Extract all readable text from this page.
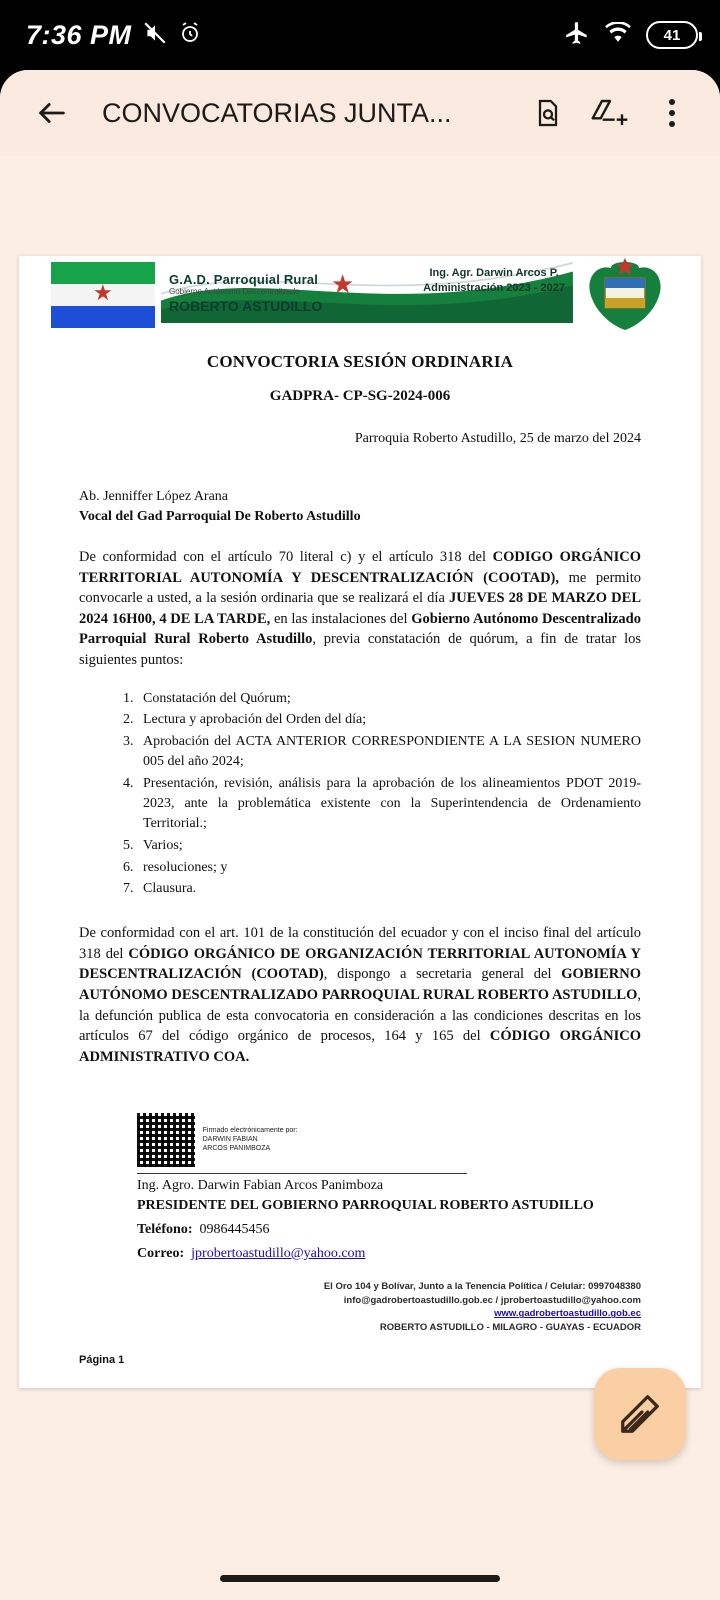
7:36 PM	41
CONVOCATORIAS JUNTA...
★	★
G.A.D. Parroquial Rural
Gobierno Autónomo Descentralizado
ROBERTO ASTUDILLO
Ing. Agr. Darwin Arcos P.
Administración 2023 - 2027
CONVOCTORIA SESIÓN ORDINARIA
GADPRA- CP-SG-2024-006
Parroquia Roberto Astudillo, 25 de marzo del 2024
Ab. Jenniffer López Arana
Vocal del Gad Parroquial De Roberto Astudillo

De conformidad con el artículo 70 literal c) y el artículo 318 del CODIGO ORGÁNICO TERRITORIAL AUTONOMÍA Y DESCENTRALIZACIÓN (COOTAD), me permito convocarle a usted, a la sesión ordinaria que se realizará el día JUEVES 28 DE MARZO DEL 2024 16H00, 4 DE LA TARDE, en las instalaciones del Gobierno Autónomo Descentralizado Parroquial Rural Roberto Astudillo, previa constatación de quórum, a fin de tratar los siguientes puntos:

1. Constatación del Quórum;
2. Lectura y aprobación del Orden del día;
3. Aprobación del ACTA ANTERIOR CORRESPONDIENTE A LA SESION NUMERO 005 del año 2024;
4. Presentación, revisión, análisis para la aprobación de los alineamientos PDOT 2019-2023, ante la problemática existente con la Superintendencia de Ordenamiento Territorial.;
5. Varios;
6. resoluciones; y
7. Clausura.

De conformidad con el art. 101 de la constitución del ecuador y con el inciso final del artículo 318 del CÓDIGO ORGÁNICO DE ORGANIZACIÓN TERRITORIAL AUTONOMÍA Y DESCENTRALIZACIÓN (COOTAD), dispongo a secretaria general del GOBIERNO AUTÓNOMO DESCENTRALIZADO PARROQUIAL RURAL ROBERTO ASTUDILLO, la defunción publica de esta convocatoria en consideración a las condiciones descritas en los artículos 67 del código orgánico de procesos, 164 y 165 del CÓDIGO ORGÁNICO ADMINISTRATIVO COA.

Firmado electrónicamente por:
DARWIN FABIAN
ARCOS PANIMBOZA
Ing. Agro. Darwin Fabian Arcos Panimboza
PRESIDENTE DEL GOBIERNO PARROQUIAL ROBERTO ASTUDILLO
Teléfono: 0986445456
Correo: jprobertoastudillo@yahoo.com
El Oro 104 y Bolívar, Junto a la Tenencia Política / Celular: 0997048380
info@gadrobertoastudillo.gob.ec / jprobertoastudillo@yahoo.com
www.gadrobertoastudillo.gob.ec
ROBERTO ASTUDILLO - MILAGRO - GUAYAS - ECUADOR
Página 1
